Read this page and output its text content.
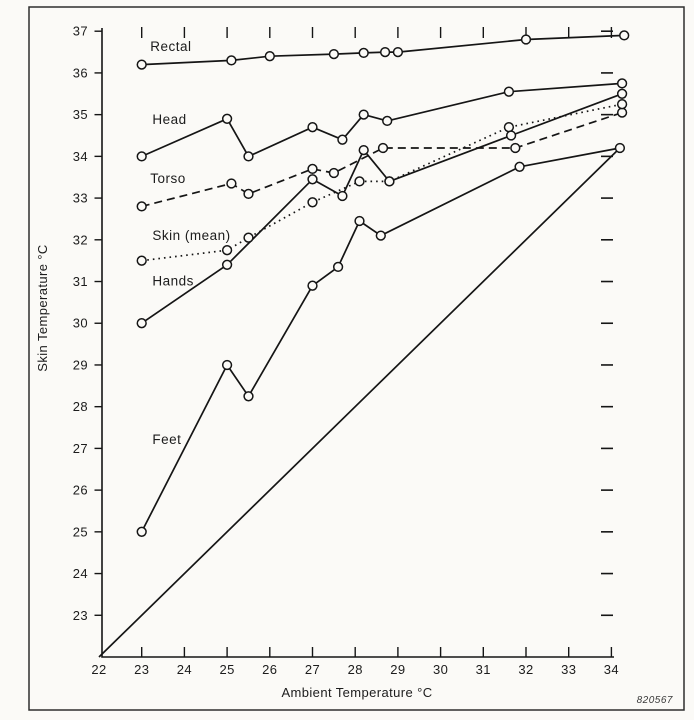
23
24
25
26
27
28
29
30
31
32
33
34
35
36
37
22 23 24 25 26 27 28 29 30 31 32 33 34
Rectal
Head
Torso
Skin (mean)
Hands
Feet
Skin Temperature °C
Ambient Temperature °C
820567
